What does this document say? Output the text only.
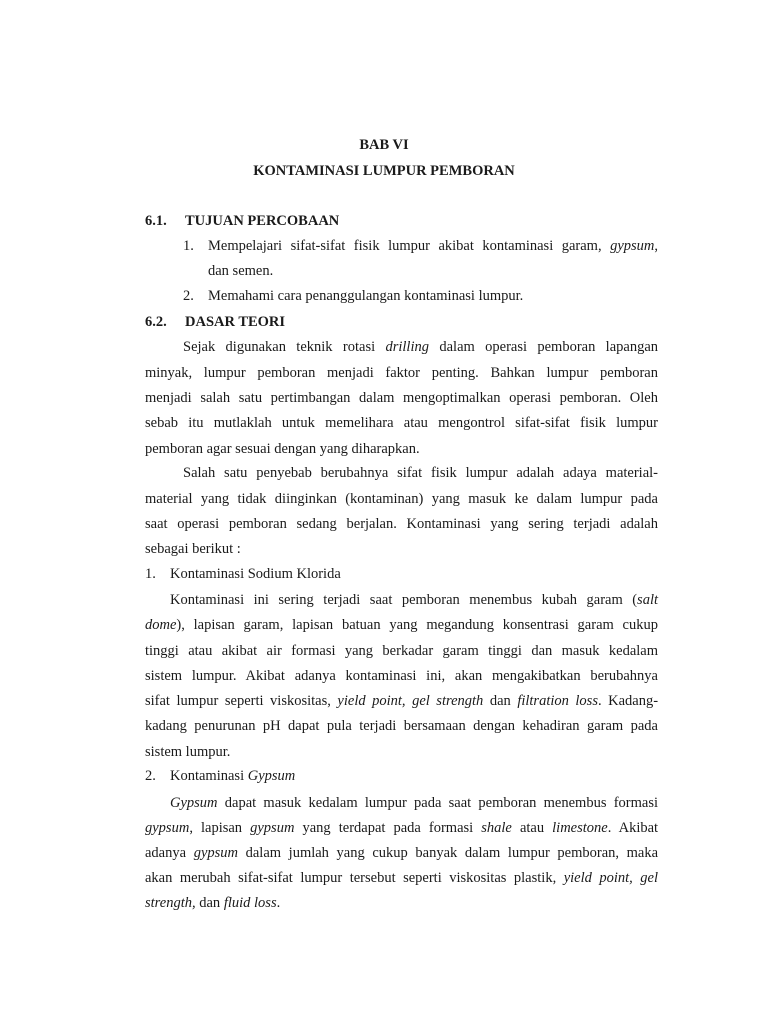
BAB VI
KONTAMINASI LUMPUR PEMBORAN
6.1. TUJUAN PERCOBAAN
1. Mempelajari sifat-sifat fisik lumpur akibat kontaminasi garam, gypsum,
dan semen.
2. Memahami cara penanggulangan kontaminasi lumpur.
6.2. DASAR TEORI
Sejak digunakan teknik rotasi drilling dalam operasi pemboran lapangan
minyak, lumpur pemboran menjadi faktor penting. Bahkan lumpur pemboran
menjadi salah satu pertimbangan dalam mengoptimalkan operasi pemboran. Oleh
sebab itu mutlaklah untuk memelihara atau mengontrol sifat-sifat fisik lumpur
pemboran agar sesuai dengan yang diharapkan.
Salah satu penyebab berubahnya sifat fisik lumpur adalah adaya material-
material yang tidak diinginkan (kontaminan) yang masuk ke dalam lumpur pada
saat operasi pemboran sedang berjalan. Kontaminasi yang sering terjadi adalah
sebagai berikut :
1. Kontaminasi Sodium Klorida
Kontaminasi ini sering terjadi saat pemboran menembus kubah garam (salt
dome), lapisan garam, lapisan batuan yang megandung konsentrasi garam cukup
tinggi atau akibat air formasi yang berkadar garam tinggi dan masuk kedalam
sistem lumpur. Akibat adanya kontaminasi ini, akan mengakibatkan berubahnya
sifat lumpur seperti viskositas, yield point, gel strength dan filtration loss. Kadang-
kadang penurunan pH dapat pula terjadi bersamaan dengan kehadiran garam pada
sistem lumpur.
2. Kontaminasi Gypsum
Gypsum dapat masuk kedalam lumpur pada saat pemboran menembus formasi
gypsum, lapisan gypsum yang terdapat pada formasi shale atau limestone. Akibat
adanya gypsum dalam jumlah yang cukup banyak dalam lumpur pemboran, maka
akan merubah sifat-sifat lumpur tersebut seperti viskositas plastik, yield point, gel
strength, dan fluid loss.
